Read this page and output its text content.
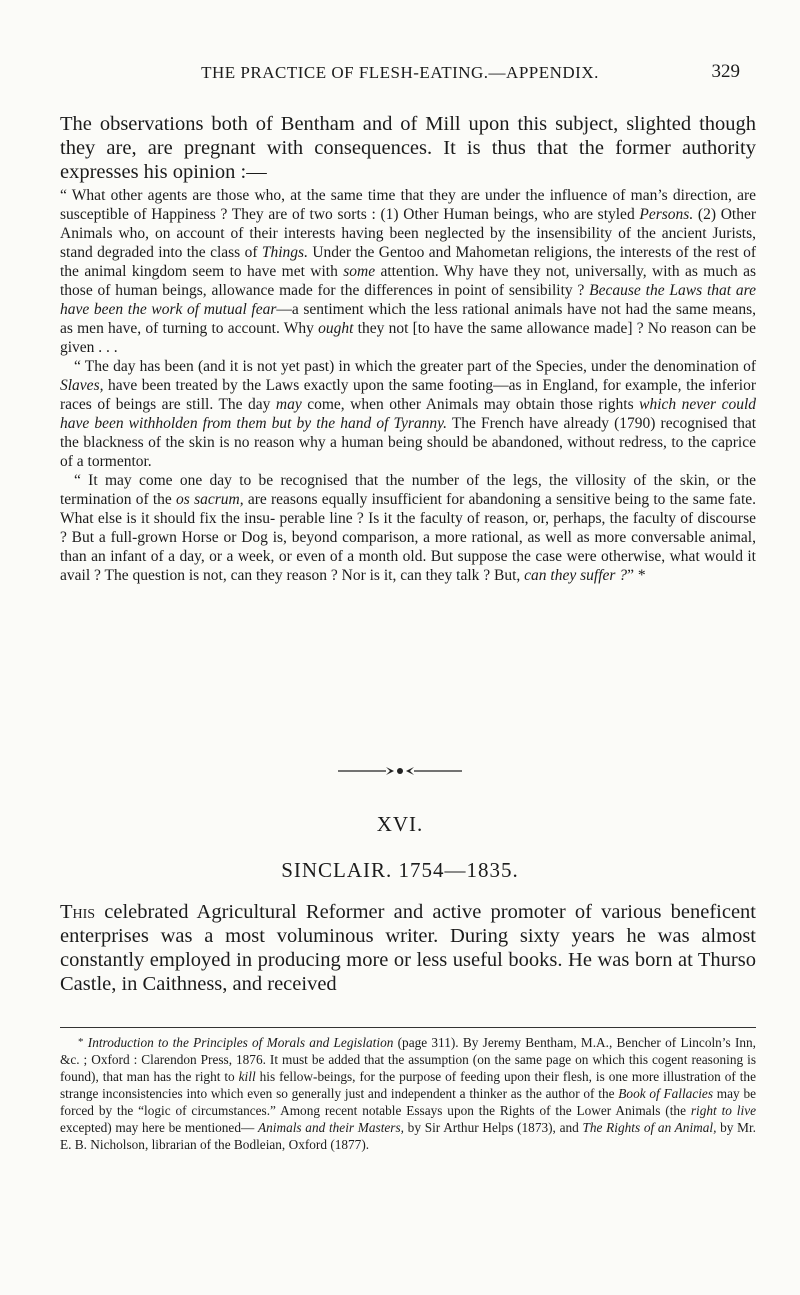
THE PRACTICE OF FLESH-EATING.—APPENDIX.	329

The observations both of Bentham and of Mill upon this subject, slighted though they are, are pregnant with consequences. It is thus that the former authority expresses his opinion :—

“ What other agents are those who, at the same time that they are under the influence of man’s direction, are susceptible of Happiness ? They are of two sorts : (1) Other Human beings, who are styled Persons. (2) Other Animals who, on account of their interests having been neglected by the insensibility of the ancient Jurists, stand degraded into the class of Things. Under the Gentoo and Mahometan religions, the interests of the rest of the animal kingdom seem to have met with some attention. Why have they not, universally, with as much as those of human beings, allowance made for the differences in point of sensibility ? Because the Laws that are have been the work of mutual fear—a sentiment which the less rational animals have not had the same means, as men have, of turning to account. Why ought they not [to have the same allowance made] ? No reason can be given . . .

“ The day has been (and it is not yet past) in which the greater part of the Species, under the denomination of Slaves, have been treated by the Laws exactly upon the same footing—as in England, for example, the inferior races of beings are still. The day may come, when other Animals may obtain those rights which never could have been withholden from them but by the hand of Tyranny. The French have already (1790) recognised that the blackness of the skin is no reason why a human being should be abandoned, without redress, to the caprice of a tormentor.

“ It may come one day to be recognised that the number of the legs, the villosity of the skin, or the termination of the os sacrum, are reasons equally insufficient for abandoning a sensitive being to the same fate. What else is it should fix the insu- perable line ? Is it the faculty of reason, or, perhaps, the faculty of discourse ? But a full-grown Horse or Dog is, beyond comparison, a more rational, as well as more conversable animal, than an infant of a day, or a week, or even of a month old. But suppose the case were otherwise, what would it avail ? The question is not, can they reason ? Nor is it, can they talk ? But, can they suffer ?” *

XVI.
SINCLAIR. 1754—1835.

This celebrated Agricultural Reformer and active promoter of various beneficent enterprises was a most voluminous writer. During sixty years he was almost constantly employed in producing more or less useful books. He was born at Thurso Castle, in Caithness, and received

* Introduction to the Principles of Morals and Legislation (page 311). By Jeremy Bentham, M.A., Bencher of Lincoln’s Inn, &c. ; Oxford : Clarendon Press, 1876. It must be added that the assumption (on the same page on which this cogent reasoning is found), that man has the right to kill his fellow-beings, for the purpose of feeding upon their flesh, is one more illustration of the strange inconsistencies into which even so generally just and independent a thinker as the author of the Book of Fallacies may be forced by the “logic of circumstances.” Among recent notable Essays upon the Rights of the Lower Animals (the right to live excepted) may here be mentioned— Animals and their Masters, by Sir Arthur Helps (1873), and The Rights of an Animal, by Mr. E. B. Nicholson, librarian of the Bodleian, Oxford (1877).
